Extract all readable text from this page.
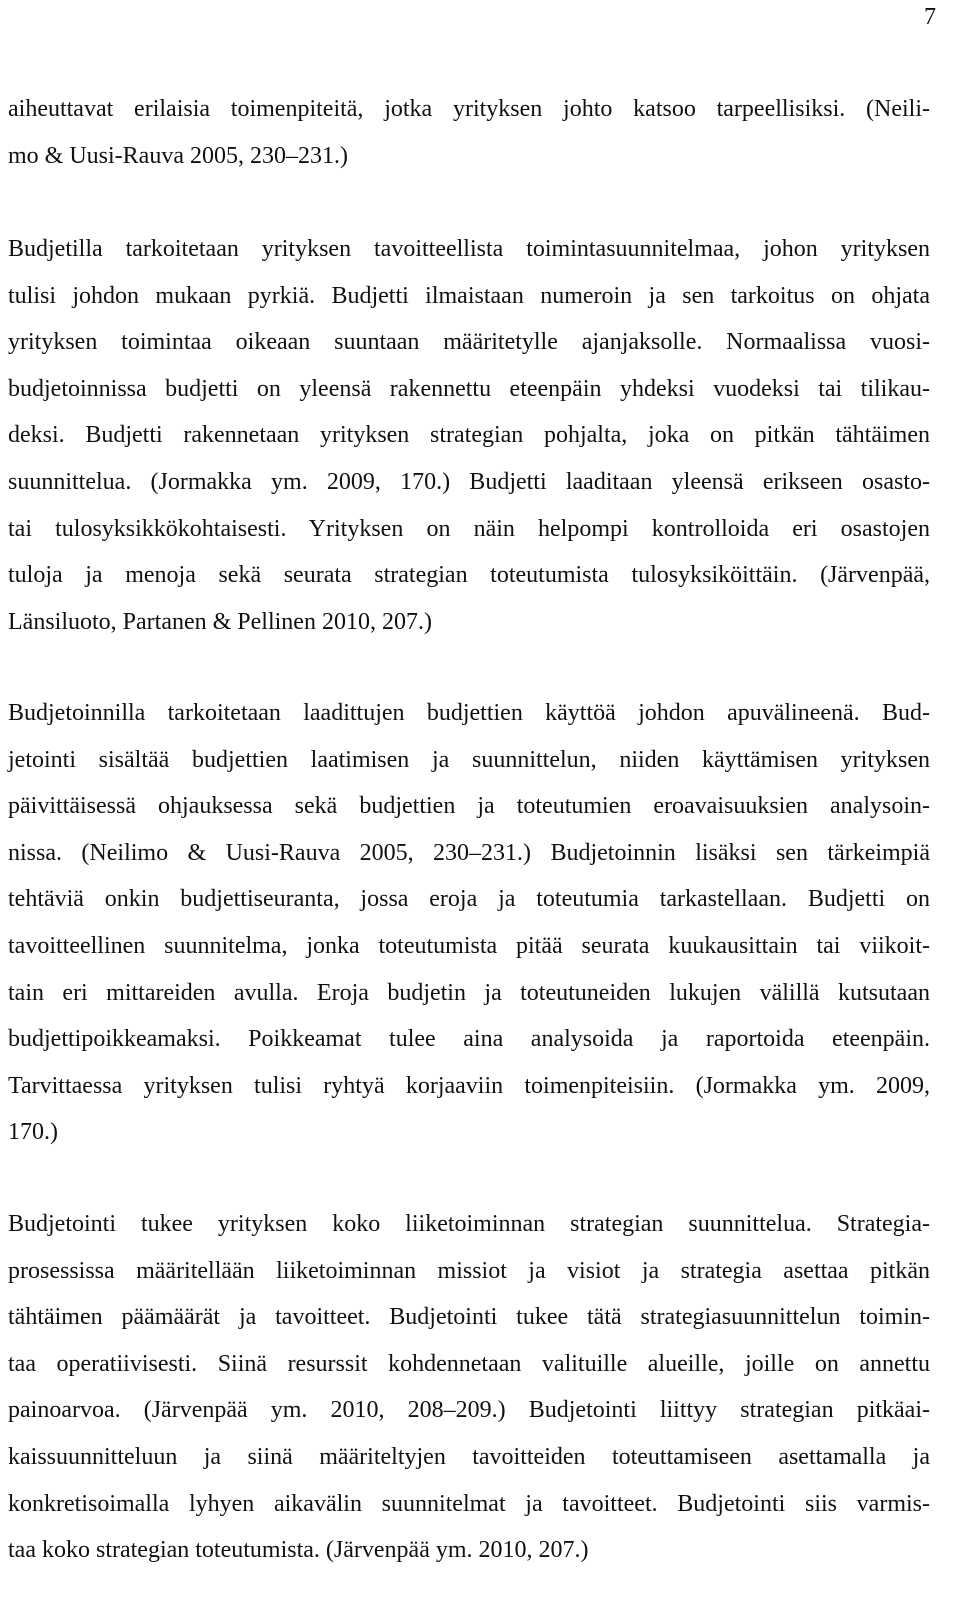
7
aiheuttavat erilaisia toimenpiteitä, jotka yrityksen johto katsoo tarpeellisiksi. (Neili-
mo & Uusi-Rauva 2005, 230–231.)
Budjetilla tarkoitetaan yrityksen tavoitteellista toimintasuunnitelmaa, johon yrityksen
tulisi johdon mukaan pyrkiä. Budjetti ilmaistaan numeroin ja sen tarkoitus on ohjata
yrityksen toimintaa oikeaan suuntaan määritetylle ajanjaksolle. Normaalissa vuosi-
budjetoinnissa budjetti on yleensä rakennettu eteenpäin yhdeksi vuodeksi tai tilikau-
deksi. Budjetti rakennetaan yrityksen strategian pohjalta, joka on pitkän tähtäimen
suunnittelua. (Jormakka ym. 2009, 170.) Budjetti laaditaan yleensä erikseen osasto-
tai tulosyksikkökohtaisesti. Yrityksen on näin helpompi kontrolloida eri osastojen
tuloja ja menoja sekä seurata strategian toteutumista tulosyksiköittäin. (Järvenpää,
Länsiluoto, Partanen & Pellinen 2010, 207.)
Budjetoinnilla tarkoitetaan laadittujen budjettien käyttöä johdon apuvälineenä. Bud-
jetointi sisältää budjettien laatimisen ja suunnittelun, niiden käyttämisen yrityksen
päivittäisessä ohjauksessa sekä budjettien ja toteutumien eroavaisuuksien analysoin-
nissa. (Neilimo & Uusi-Rauva 2005, 230–231.) Budjetoinnin lisäksi sen tärkeimpiä
tehtäviä onkin budjettiseuranta, jossa eroja ja toteutumia tarkastellaan. Budjetti on
tavoitteellinen suunnitelma, jonka toteutumista pitää seurata kuukausittain tai viikoit-
tain eri mittareiden avulla. Eroja budjetin ja toteutuneiden lukujen välillä kutsutaan
budjettipoikkeamaksi. Poikkeamat tulee aina analysoida ja raportoida eteenpäin.
Tarvittaessa yrityksen tulisi ryhtyä korjaaviin toimenpiteisiin. (Jormakka ym. 2009,
170.)
Budjetointi tukee yrityksen koko liiketoiminnan strategian suunnittelua. Strategia-
prosessissa määritellään liiketoiminnan missiot ja visiot ja strategia asettaa pitkän
tähtäimen päämäärät ja tavoitteet. Budjetointi tukee tätä strategiasuunnittelun toimin-
taa operatiivisesti. Siinä resurssit kohdennetaan valituille alueille, joille on annettu
painoarvoa. (Järvenpää ym. 2010, 208–209.) Budjetointi liittyy strategian pitkäai-
kaissuunnitteluun ja siinä määriteltyjen tavoitteiden toteuttamiseen asettamalla ja
konkretisoimalla lyhyen aikavälin suunnitelmat ja tavoitteet. Budjetointi siis varmis-
taa koko strategian toteutumista. (Järvenpää ym. 2010, 207.)
